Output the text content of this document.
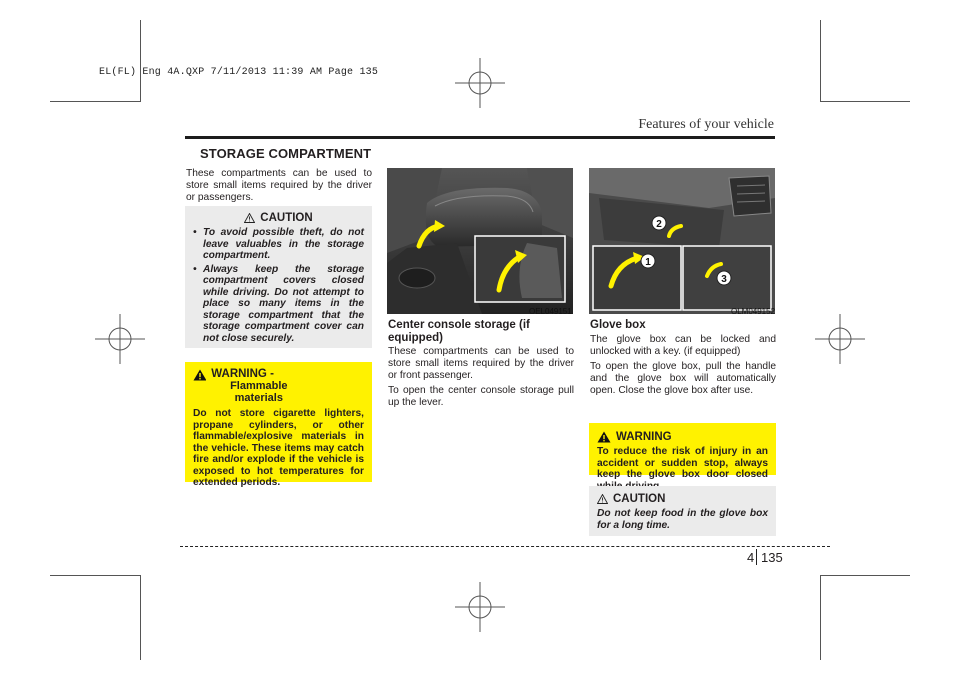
EL(FL) Eng 4A.QXP 7/11/2013 11:39 AM Page 135
Features of your vehicle
STORAGE COMPARTMENT
These compartments can be used to store small items required by the driver or passengers.
CAUTION
• To avoid possible theft, do not leave valuables in the storage compartment.
• Always keep the storage compartment covers closed while driving. Do not attempt to place so many items in the storage compartment that the storage compartment cover can not close securely.
WARNING - Flammable materials
Do not store cigarette lighters, propane cylinders, or other flammable/explosive materials in the vehicle. These items may catch fire and/or explode if the vehicle is exposed to hot temperatures for extended periods.
OEL049151
Center console storage (if equipped)

These compartments can be used to store small items required by the driver or front passenger.

To open the center console storage pull up the lever.

2
1
3
OLM049152
Glove box

The glove box can be locked and unlocked with a key. (if equipped)

To open the glove box, pull the handle and the glove box will automatically open. Close the glove box after use.

WARNING
To reduce the risk of injury in an accident or sudden stop, always keep the glove box door closed
CAUTION
Do not keep food in the glove box for a long time.
4 135
